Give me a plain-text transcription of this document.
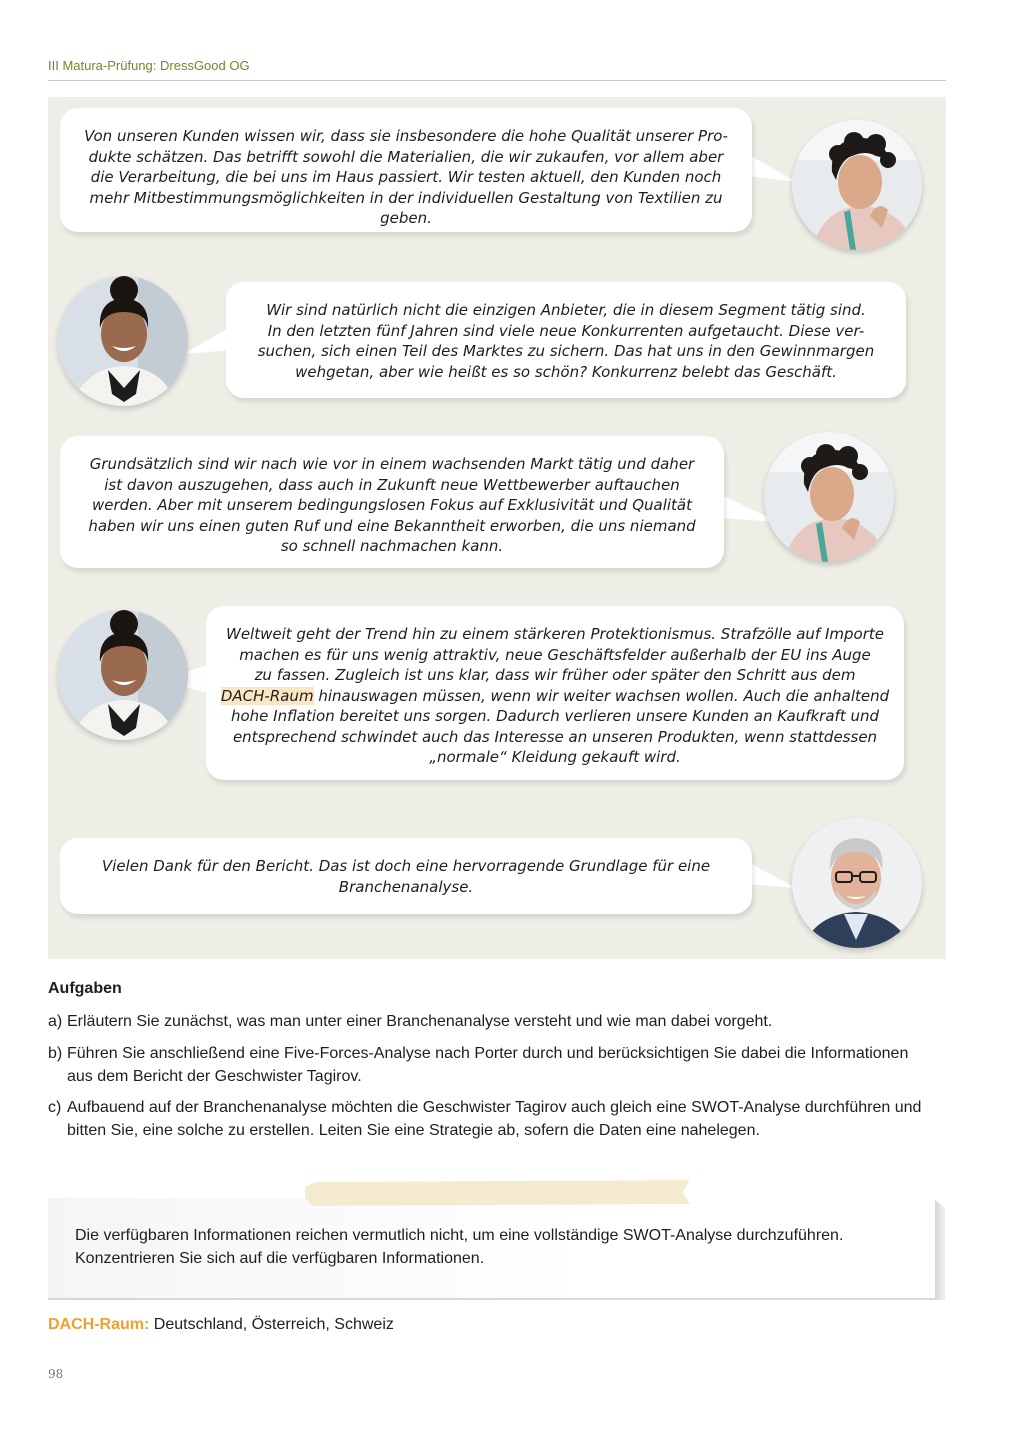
III Matura-Prüfung: DressGood OG
Von unseren Kunden wissen wir, dass sie insbesondere die hohe Qualität unserer Pro-
dukte schätzen. Das betrifft sowohl die Materialien, die wir zukaufen, vor allem aber
die Verarbeitung, die bei uns im Haus passiert. Wir testen aktuell, den Kunden noch
mehr Mitbestimmungsmöglichkeiten in der individuellen Gestaltung von Textilien zu geben.
Wir sind natürlich nicht die einzigen Anbieter, die in diesem Segment tätig sind.
In den letzten fünf Jahren sind viele neue Konkurrenten aufgetaucht. Diese ver-
suchen, sich einen Teil des Marktes zu sichern. Das hat uns in den Gewinnmargen
wehgetan, aber wie heißt es so schön? Konkurrenz belebt das Geschäft.
Grundsätzlich sind wir nach wie vor in einem wachsenden Markt tätig und daher
ist davon auszugehen, dass auch in Zukunft neue Wettbewerber auftauchen
werden. Aber mit unserem bedingungslosen Fokus auf Exklusivität und Qualität
haben wir uns einen guten Ruf und eine Bekanntheit erworben, die uns niemand
so schnell nachmachen kann.
Weltweit geht der Trend hin zu einem stärkeren Protektionismus. Strafzölle auf Importe
machen es für uns wenig attraktiv, neue Geschäftsfelder außerhalb der EU ins Auge
zu fassen. Zugleich ist uns klar, dass wir früher oder später den Schritt aus dem
DACH-Raum hinauswagen müssen, wenn wir weiter wachsen wollen. Auch die anhaltend
hohe Inflation bereitet uns sorgen. Dadurch verlieren unsere Kunden an Kaufkraft und
entsprechend schwindet auch das Interesse an unseren Produkten, wenn stattdessen
„normale“ Kleidung gekauft wird.
Vielen Dank für den Bericht. Das ist doch eine hervorragende Grundlage für eine
Branchenanalyse.
Aufgaben
a) Erläutern Sie zunächst, was man unter einer Branchenanalyse versteht und wie man dabei vorgeht.
b) Führen Sie anschließend eine Five-Forces-Analyse nach Porter durch und berücksichtigen Sie dabei die Informationen aus dem Bericht der Geschwister Tagirov.
c) Aufbauend auf der Branchenanalyse möchten die Geschwister Tagirov auch gleich eine SWOT-Analyse durchführen und bitten Sie, eine solche zu erstellen. Leiten Sie eine Strategie ab, sofern die Daten eine nahelegen.
Die verfügbaren Informationen reichen vermutlich nicht, um eine vollständige SWOT-Analyse durchzuführen. Konzentrieren Sie sich auf die verfügbaren Informationen.
DACH-Raum: Deutschland, Österreich, Schweiz
98
